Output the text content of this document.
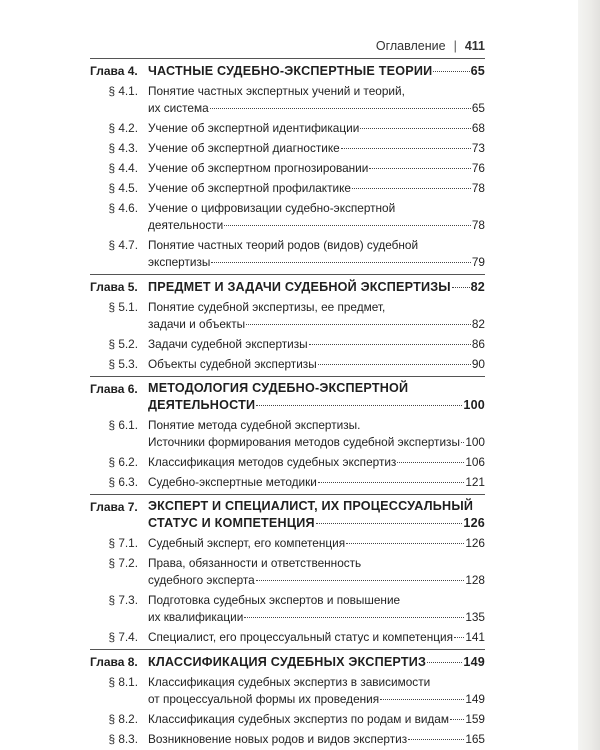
Оглавление | 411
Глава 4. ЧАСТНЫЕ СУДЕБНО-ЭКСПЕРТНЫЕ ТЕОРИИ	65
§ 4.1. Понятие частных экспертных учений и теорий,
их система	65
§ 4.2. Учение об экспертной идентификации	68
§ 4.3. Учение об экспертной диагностике	73
§ 4.4. Учение об экспертном прогнозировании	76
§ 4.5. Учение об экспертной профилактике	78
§ 4.6. Учение о цифровизации судебно-экспертной
деятельности	78
§ 4.7. Понятие частных теорий родов (видов) судебной
экспертизы	79
Глава 5. ПРЕДМЕТ И ЗАДАЧИ СУДЕБНОЙ ЭКСПЕРТИЗЫ 82
§ 5.1. Понятие судебной экспертизы, ее предмет,
задачи и объекты	82
§ 5.2. Задачи судебной экспертизы	86
§ 5.3. Объекты судебной экспертизы	90
Глава 6. МЕТОДОЛОГИЯ СУДЕБНО-ЭКСПЕРТНОЙ
ДЕЯТЕЛЬНОСТИ	100
§ 6.1. Понятие метода судебной экспертизы.
Источники формирования методов судебной экспертизы 100
§ 6.2. Классификация методов судебных экспертиз	106
§ 6.3. Судебно-экспертные методики	121
Глава 7. ЭКСПЕРТ И СПЕЦИАЛИСТ, ИХ ПРОЦЕССУАЛЬНЫЙ
СТАТУС И КОМПЕТЕНЦИЯ	126
§ 7.1. Судебный эксперт, его компетенция	126
§ 7.2. Права, обязанности и ответственность
судебного эксперта	128
§ 7.3. Подготовка судебных экспертов и повышение
их квалификации	135
§ 7.4. Специалист, его процессуальный статус и компетенция 141
Глава 8. КЛАССИФИКАЦИЯ СУДЕБНЫХ ЭКСПЕРТИЗ	149
§ 8.1. Классификация судебных экспертиз в зависимости
от процессуальной формы их проведения	149
§ 8.2. Классификация судебных экспертиз по родам и видам 159
§ 8.3. Возникновение новых родов и видов экспертиз	165
